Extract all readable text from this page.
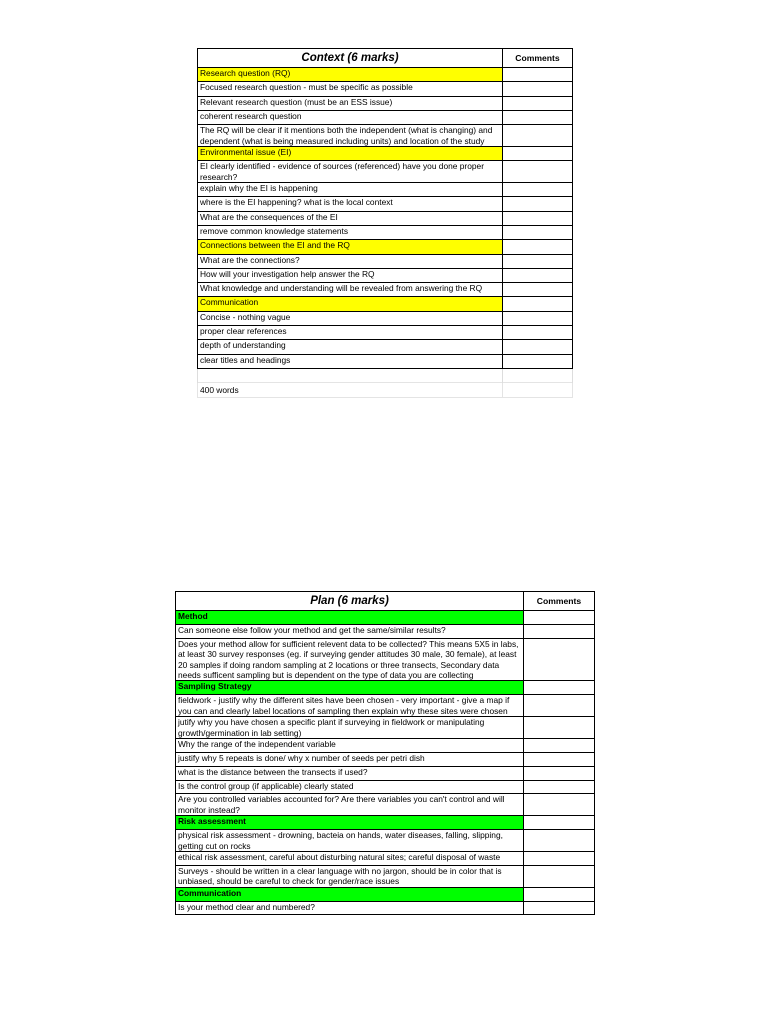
Context (6 marks)	Comments
Research question (RQ)	
Focused research question - must be specific as possible	
Relevant research question (must be an ESS issue)	
coherent research question	
The RQ will be clear if it mentions both the independent (what is changing) and dependent (what is being measured including units) and location of the study	
Environmental issue (EI)	
EI clearly identified - evidence of sources (referenced) have you done proper research?	
explain why the EI is happening	
where is the EI happening? what is the local context	
What are the consequences of the EI	
remove common knowledge statements	
Connections between the EI and the RQ	
What are the connections?	
How will your investigation help answer the RQ	
What knowledge and understanding will be revealed from answering the RQ	
Communication	
Concise - nothing vague	
proper clear references	
depth of understanding	
clear titles and headings	

400 words	
Plan (6 marks)	Comments
Method	
Can someone else follow your method and get the same/similar results?	
Does your method allow for sufficient relevent data to be collected? This means 5X5 in labs, at least 30 survey responses (eg. if surveying gender attitudes 30 male, 30 female), at least 20 samples if doing random sampling at 2 locations or three transects, Secondary data needs sufficent sampling but is dependent on the type of data you are collecting	
Sampling Strategy	
fieldwork - justify why the different sites have been chosen - very important - give a map if you can and clearly label locations of sampling then explain why these sites were chosen	
jutify why you have chosen a specific plant if surveying in fieldwork or manipulating growth/germination in lab setting)	
Why the range of the independent variable	
justify why 5 repeats is done/ why x number of seeds per petri dish	
what is the distance between the transects if used?	
Is the control group (if applicable) clearly stated	
Are you controlled variables accounted for? Are there variables you can't control and will monitor instead?	
Risk assessment	
physical risk assessment - drowning, bacteia on hands, water diseases, falling, slipping, getting cut on rocks	
ethical risk assessment, careful about disturbing natural sites; careful disposal of waste	
Surveys - should be written in a clear language with no jargon, should be in color that is unbiased, should be careful to check for gender/race issues	
Communication	
Is your method clear and numbered?	
